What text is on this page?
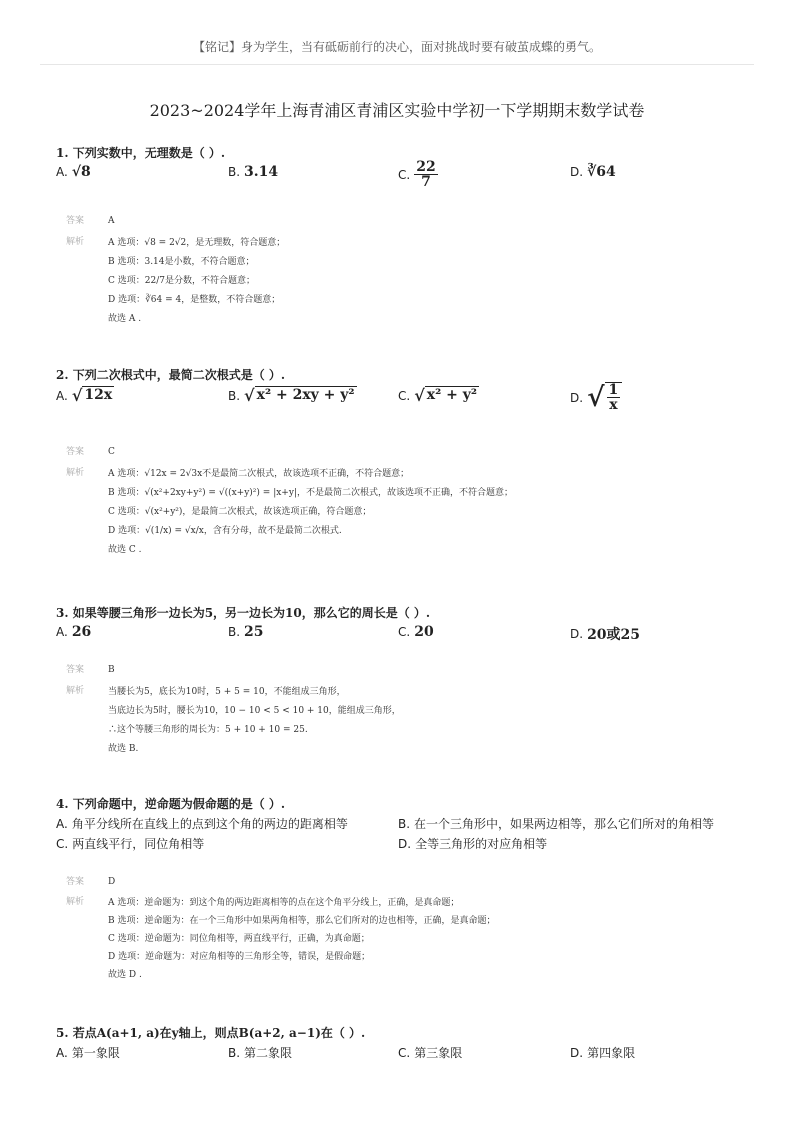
【铭记】身为学生，当有砥砺前行的决心，面对挑战时要有破茧成蝶的勇气。
2023~2024学年上海青浦区青浦区实验中学初一下学期期末数学试卷
1. 下列实数中，无理数是（ ）.
A. √8	B. 3.14	C. $\frac{22}{7}$	D. ∛64
答案	A
解析	A 选项：√8 = 2√2，是无理数，符合题意；
B 选项：3.14是小数，不符合题意；
C 选项：22/7是分数，不符合题意；
D 选项：∛64 = 4，是整数，不符合题意；
故选 A .
2. 下列二次根式中，最简二次根式是（ ）.
A. √ 12x	B. √ x² + 2xy + y²	C. √ x² + y²	D. √ $\frac{1}{x}$
答案	C
解析	A 选项：√12x = 2√3x不是最简二次根式，故该选项不正确，不符合题意；
B 选项：√(x²+2xy+y²) = √((x+y)²) = |x+y|，不是最简二次根式，故该选项不正确，不符合题意；
C 选项：√(x²+y²)，是最简二次根式，故该选项正确，符合题意；
D 选项：√(1/x) = √x/x，含有分母，故不是最简二次根式.
故选 C .
3. 如果等腰三角形一边长为5，另一边长为10，那么它的周长是（ ）.
A. 26	B. 25	C. 20	D. 20或25
答案	B
解析	当腰长为5，底长为10时，5 + 5 = 10，不能组成三角形，
当底边长为5时，腰长为10，10 − 10 < 5 < 10 + 10，能组成三角形，
∴这个等腰三角形的周长为：5 + 10 + 10 = 25.
故选 B.
4. 下列命题中，逆命题为假命题的是（ ）.
A. 角平分线所在直线上的点到这个角的两边的距离相等	B. 在一个三角形中，如果两边相等，那么它们所对的角相等
C. 两直线平行，同位角相等	D. 全等三角形的对应角相等
答案	D
解析	A 选项：逆命题为：到这个角的两边距离相等的点在这个角平分线上，正确，是真命题；
B 选项：逆命题为：在一个三角形中如果两角相等，那么它们所对的边也相等，正确，是真命题；
C 选项：逆命题为：同位角相等，两直线平行，正确，为真命题；
D 选项：逆命题为：对应角相等的三角形全等，错误，是假命题；
故选 D .
5. 若点A(a+1, a)在y轴上，则点B(a+2, a−1)在（ ）.
A. 第一象限	B. 第二象限	C. 第三象限	D. 第四象限
